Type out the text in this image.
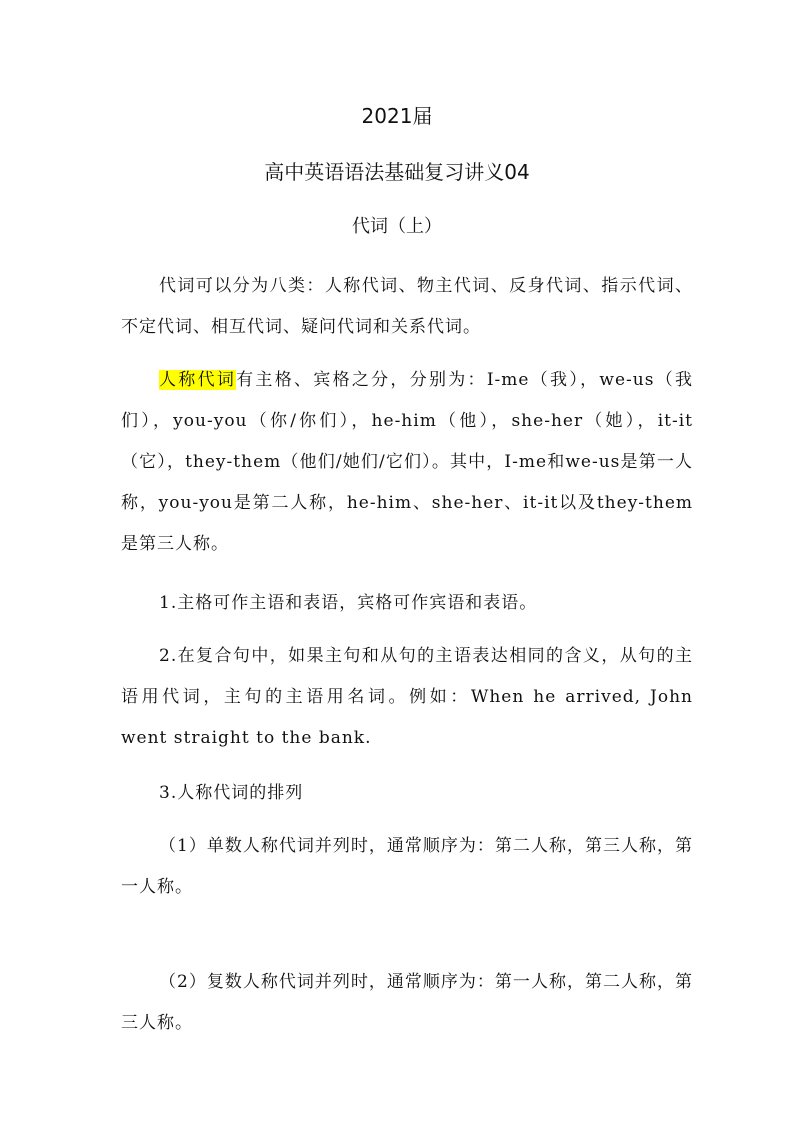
2021届
高中英语语法基础复习讲义04
代词（上）

代词可以分为八类：人称代词、物主代词、反身代词、指示代词、不定代词、相互代词、疑问代词和关系代词。

人称代词有主格、宾格之分，分别为：I-me（我），we-us（我们），you-you（你/你们），he-him（他），she-her（她），it-it（它），they-them（他们/她们/它们）。其中，I-me和we-us是第一人称，you-you是第二人称，he-him、she-her、it-it以及they-them是第三人称。

1.主格可作主语和表语，宾格可作宾语和表语。

2.在复合句中，如果主句和从句的主语表达相同的含义，从句的主语用代词，主句的主语用名词。例如：When he arrived, John went straight to the bank.

3.人称代词的排列

（1）单数人称代词并列时，通常顺序为：第二人称，第三人称，第一人称。

（2）复数人称代词并列时，通常顺序为：第一人称，第二人称，第三人称。
